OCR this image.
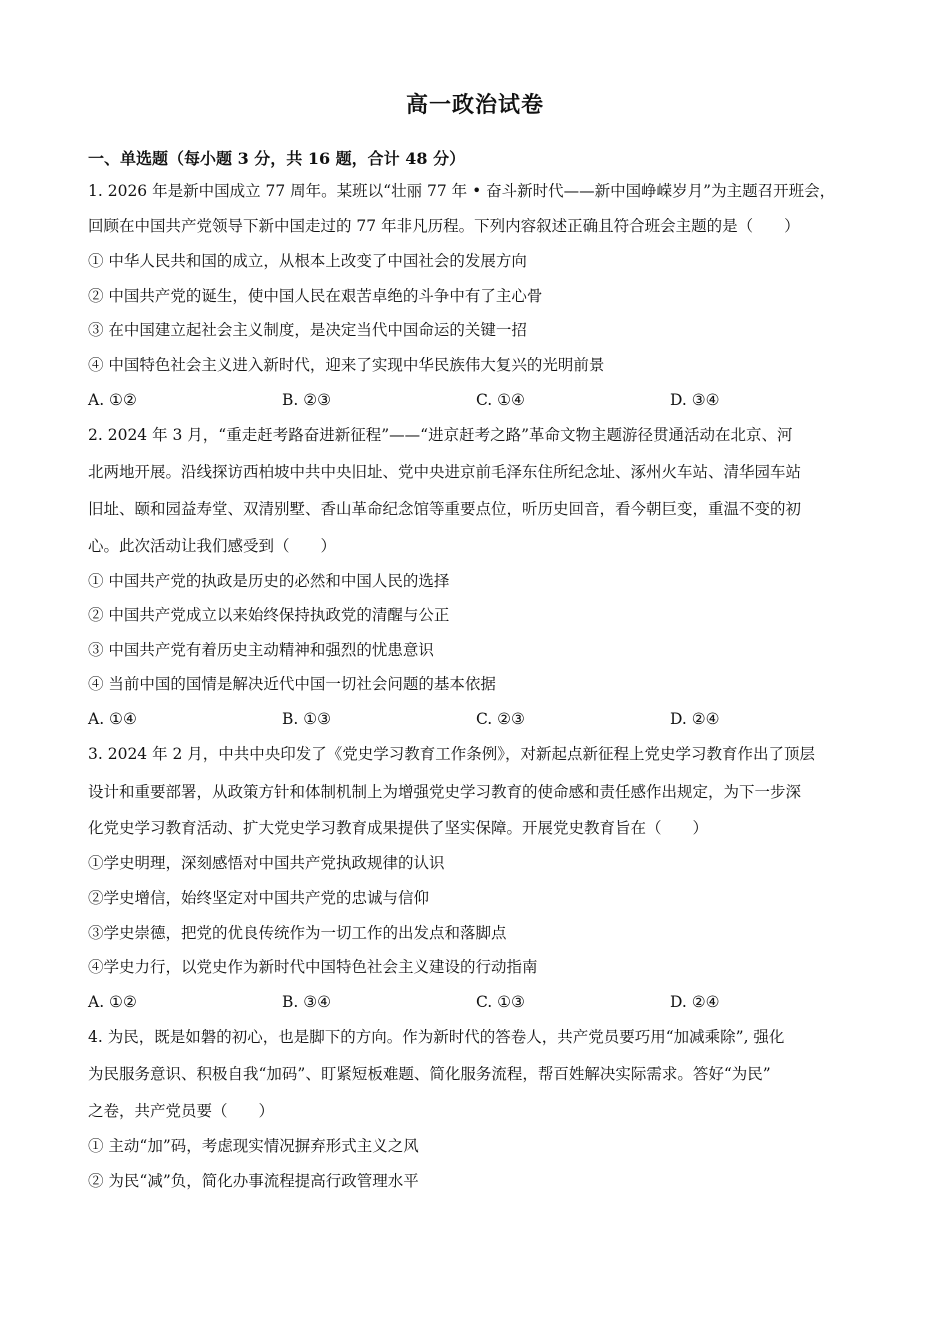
高一政治试卷
一、单选题（每小题 3 分，共 16 题，合计 48 分）
1. 2026 年是新中国成立 77 周年。某班以“壮丽 77 年 • 奋斗新时代——新中国峥嵘岁月”为主题召开班会，
回顾在中国共产党领导下新中国走过的 77 年非凡历程。下列内容叙述正确且符合班会主题的是（　　）
① 中华人民共和国的成立，从根本上改变了中国社会的发展方向
② 中国共产党的诞生，使中国人民在艰苦卓绝的斗争中有了主心骨
③ 在中国建立起社会主义制度，是决定当代中国命运的关键一招
④ 中国特色社会主义进入新时代，迎来了实现中华民族伟大复兴的光明前景
A. ①②	B. ②③	C. ①④	D. ③④
2. 2024 年 3 月，“重走赶考路奋进新征程”——“进京赶考之路”革命文物主题游径贯通活动在北京、河
北两地开展。沿线探访西柏坡中共中央旧址、党中央进京前毛泽东住所纪念址、涿州火车站、清华园车站
旧址、颐和园益寿堂、双清别墅、香山革命纪念馆等重要点位，听历史回音，看今朝巨变，重温不变的初
心。此次活动让我们感受到（　　）
① 中国共产党的执政是历史的必然和中国人民的选择
② 中国共产党成立以来始终保持执政党的清醒与公正
③ 中国共产党有着历史主动精神和强烈的忧患意识
④ 当前中国的国情是解决近代中国一切社会问题的基本依据
A. ①④	B. ①③	C. ②③	D. ②④
3. 2024 年 2 月，中共中央印发了《党史学习教育工作条例》，对新起点新征程上党史学习教育作出了顶层
设计和重要部署，从政策方针和体制机制上为增强党史学习教育的使命感和责任感作出规定，为下一步深
化党史学习教育活动、扩大党史学习教育成果提供了坚实保障。开展党史教育旨在（　　）
①学史明理，深刻感悟对中国共产党执政规律的认识
②学史增信，始终坚定对中国共产党的忠诚与信仰
③学史崇德，把党的优良传统作为一切工作的出发点和落脚点
④学史力行，以党史作为新时代中国特色社会主义建设的行动指南
A. ①②	B. ③④	C. ①③	D. ②④
4. 为民，既是如磐的初心，也是脚下的方向。作为新时代的答卷人，共产党员要巧用“加减乘除”, 强化
为民服务意识、积极自我“加码”、盯紧短板难题、简化服务流程，帮百姓解决实际需求。答好“为民”
之卷，共产党员要（　　）
① 主动“加”码，考虑现实情况摒弃形式主义之风
② 为民“减”负，简化办事流程提高行政管理水平
